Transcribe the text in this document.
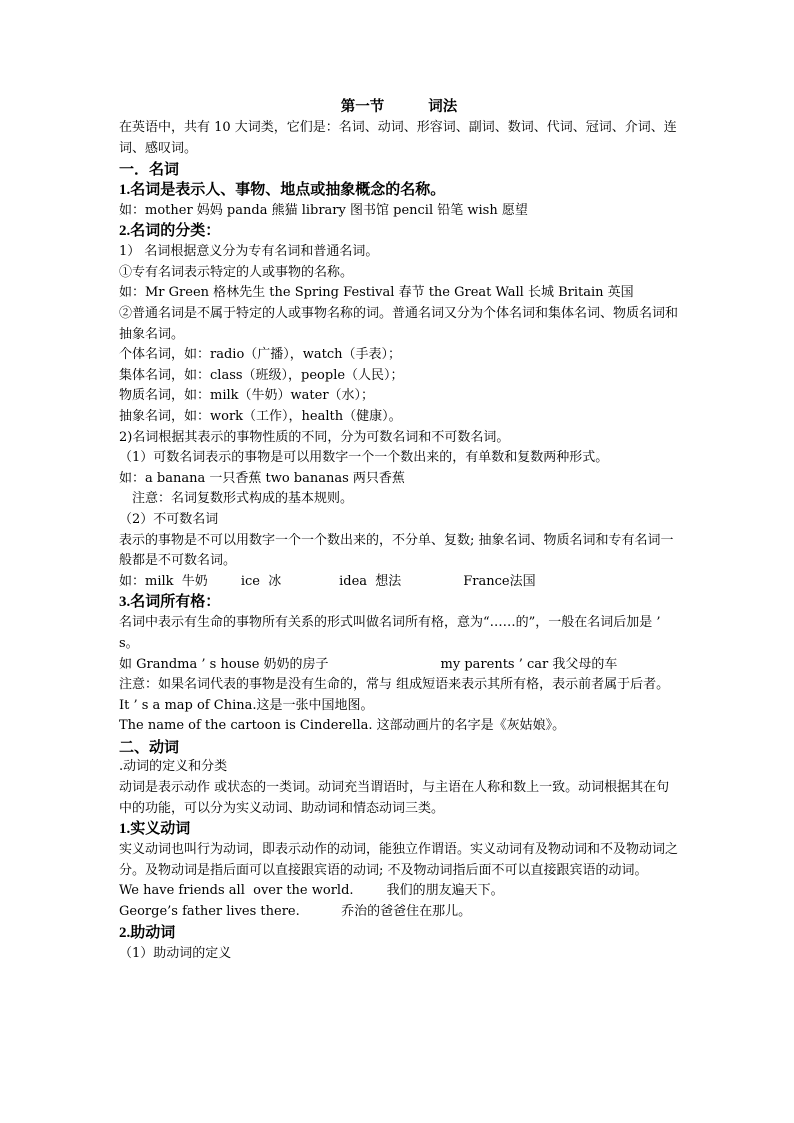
第一节	词法
在英语中，共有 10 大词类，它们是：名词、动词、形容词、副词、数词、代词、冠词、介词、连词、感叹词。
一．名词
1.名词是表示人、事物、地点或抽象概念的名称。
如：mother 妈妈 panda 熊猫 library 图书馆 pencil 铅笔 wish 愿望
2.名词的分类：
1） 名词根据意义分为专有名词和普通名词。
①专有名词表示特定的人或事物的名称。
如：Mr Green 格林先生 the Spring Festival 春节 the Great Wall 长城 Britain 英国
②普通名词是不属于特定的人或事物名称的词。普通名词又分为个体名词和集体名词、物质名词和抽象名词。
个体名词，如：radio（广播），watch（手表）；
集体名词，如：class（班级），people（人民）；
物质名词，如：milk（牛奶）water（水）；
抽象名词，如：work（工作），health（健康）。
2)名词根据其表示的事物性质的不同，分为可数名词和不可数名词。
（1）可数名词表示的事物是可以用数字一个一个数出来的，有单数和复数两种形式。
如：a banana 一只香蕉 two bananas 两只香蕉
注意：名词复数形式构成的基本规则。
（2）不可数名词
表示的事物是不可以用数字一个一个数出来的，不分单、复数; 抽象名词、物质名词和专有名词一般都是不可数名词。
如：milk  牛奶        ice  冰              idea  想法               France法国
3.名词所有格：
名词中表示有生命的事物所有关系的形式叫做名词所有格，意为“……的”，一般在名词后加是 ’ s。
如 Grandma ’ s house 奶奶的房子	my parents ’ car 我父母的车
注意：如果名词代表的事物是没有生命的，常与 组成短语来表示其所有格，表示前者属于后者。
It ’ s a map of China.这是一张中国地图。
The name of the cartoon is Cinderella. 这部动画片的名字是《灰姑娘》。
二、动词
.动词的定义和分类
动词是表示动作 或状态的一类词。动词充当谓语时，与主语在人称和数上一致。动词根据其在句中的功能，可以分为实义动词、助动词和情态动词三类。
1.实义动词
实义动词也叫行为动词，即表示动作的动词，能独立作谓语。实义动词有及物动词和不及物动词之分。及物动词是指后面可以直接跟宾语的动词; 不及物动词指后面不可以直接跟宾语的动词。
We have friends all  over the world.        我们的朋友遍天下。
George’s father lives there.          乔治的爸爸住在那儿。
2.助动词
（1）助动词的定义
